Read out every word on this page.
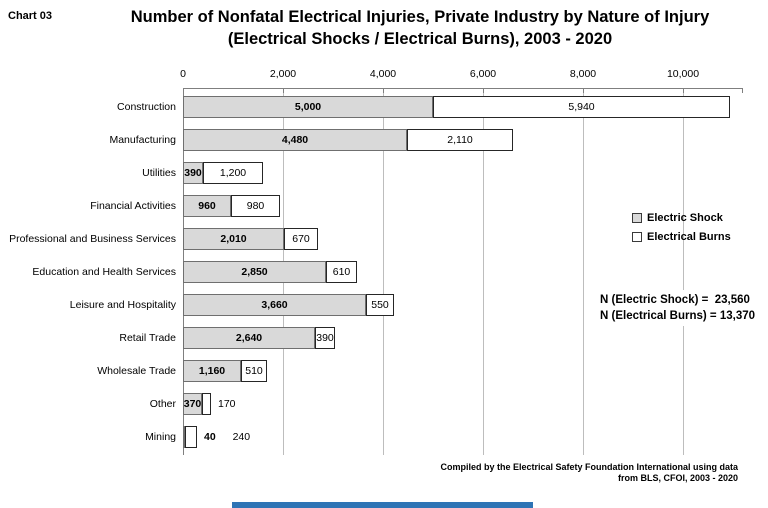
Chart 03	Number of Nonfatal Electrical Injuries, Private Industry by Nature of Injury
(Electrical Shocks / Electrical Burns), 2003 - 2020
0	2,000	4,000	6,000	8,000	10,000
Construction	5,000	5,940
Manufacturing	4,480	2,110
Utilities 390	1,200
Financial Activities	960	980
Professional and Business Services	2,010	670
Education and Health Services	2,850	610
Leisure and Hospitality	3,660	550
Retail Trade	2,640	390
Wholesale Trade	1,160	510
Other 370 170
Mining	40 240
Electric Shock
Electrical Burns
N (Electric Shock) =  23,560
N (Electrical Burns) = 13,370
Compiled by the Electrical Safety Foundation International using data
from BLS, CFOI, 2003 - 2020
